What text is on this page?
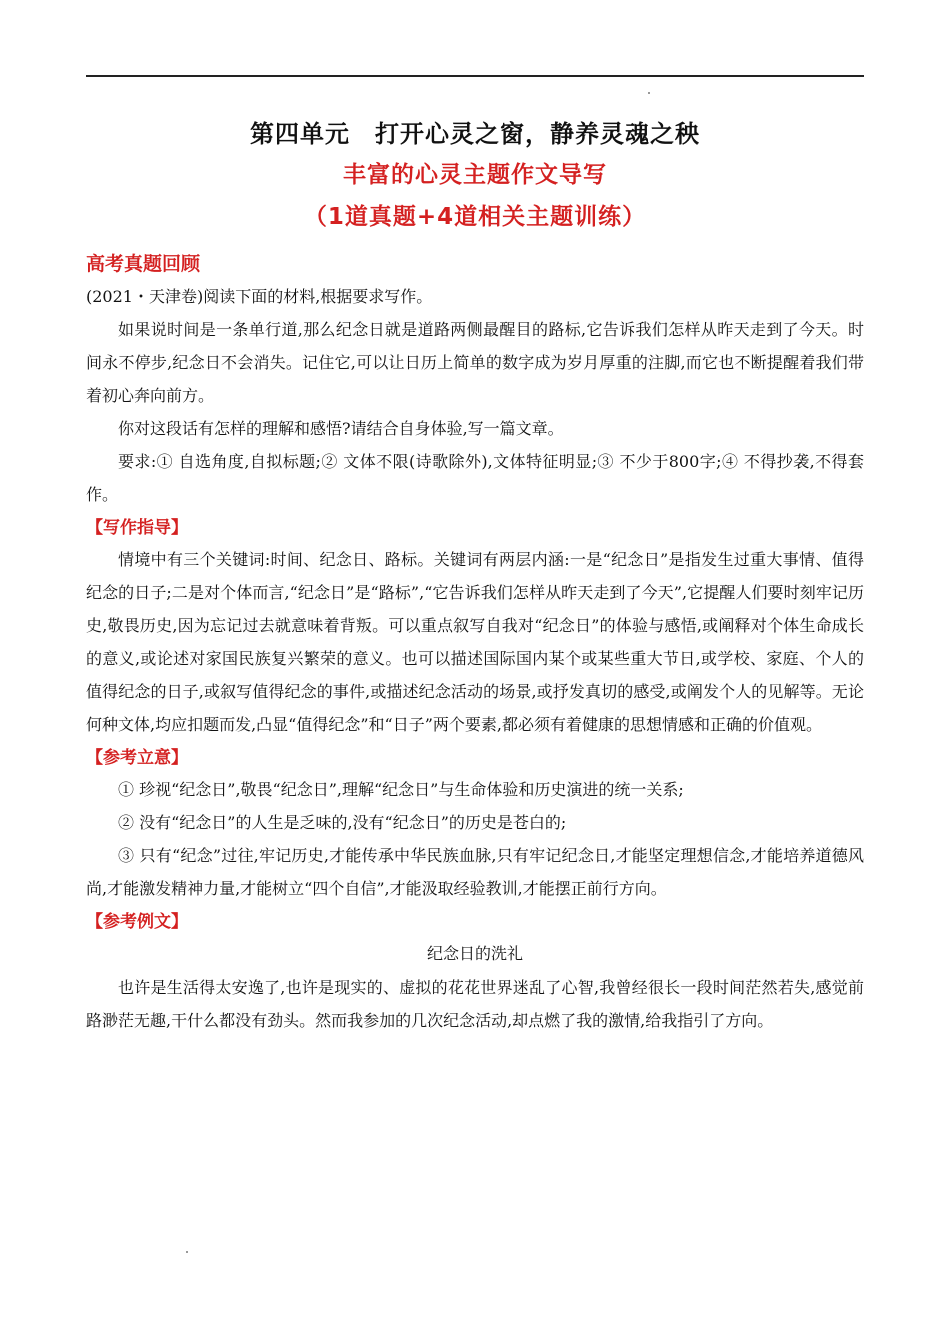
第四单元　打开心灵之窗，静养灵魂之秧
丰富的心灵主题作文导写
（1道真题+4道相关主题训练）
高考真题回顾

(2021・天津卷)阅读下面的材料,根据要求写作。

如果说时间是一条单行道,那么纪念日就是道路两侧最醒目的路标,它告诉我们怎样从昨天走到了今天。时间永不停步,纪念日不会消失。记住它,可以让日历上简单的数字成为岁月厚重的注脚,而它也不断提醒着我们带着初心奔向前方。

你对这段话有怎样的理解和感悟?请结合自身体验,写一篇文章。

要求:① 自选角度,自拟标题;② 文体不限(诗歌除外),文体特征明显;③ 不少于800字;④ 不得抄袭,不得套作。

【写作指导】

情境中有三个关键词:时间、纪念日、路标。关键词有两层内涵:一是“纪念日”是指发生过重大事情、值得纪念的日子;二是对个体而言,“纪念日”是“路标”,“它告诉我们怎样从昨天走到了今天”,它提醒人们要时刻牢记历史,敬畏历史,因为忘记过去就意味着背叛。可以重点叙写自我对“纪念日”的体验与感悟,或阐释对个体生命成长的意义,或论述对家国民族复兴繁荣的意义。也可以描述国际国内某个或某些重大节日,或学校、家庭、个人的值得纪念的日子,或叙写值得纪念的事件,或描述纪念活动的场景,或抒发真切的感受,或阐发个人的见解等。无论何种文体,均应扣题而发,凸显“值得纪念”和“日子”两个要素,都必须有着健康的思想情感和正确的价值观。

【参考立意】

① 珍视“纪念日”,敬畏“纪念日”,理解“纪念日”与生命体验和历史演进的统一关系;

② 没有“纪念日”的人生是乏味的,没有“纪念日”的历史是苍白的;

③ 只有“纪念”过往,牢记历史,才能传承中华民族血脉,只有牢记纪念日,才能坚定理想信念,才能培养道德风尚,才能激发精神力量,才能树立“四个自信”,才能汲取经验教训,才能摆正前行方向。

【参考例文】
纪念日的洗礼

也许是生活得太安逸了,也许是现实的、虚拟的花花世界迷乱了心智,我曾经很长一段时间茫然若失,感觉前路渺茫无趣,干什么都没有劲头。然而我参加的几次纪念活动,却点燃了我的激情,给我指引了方向。
